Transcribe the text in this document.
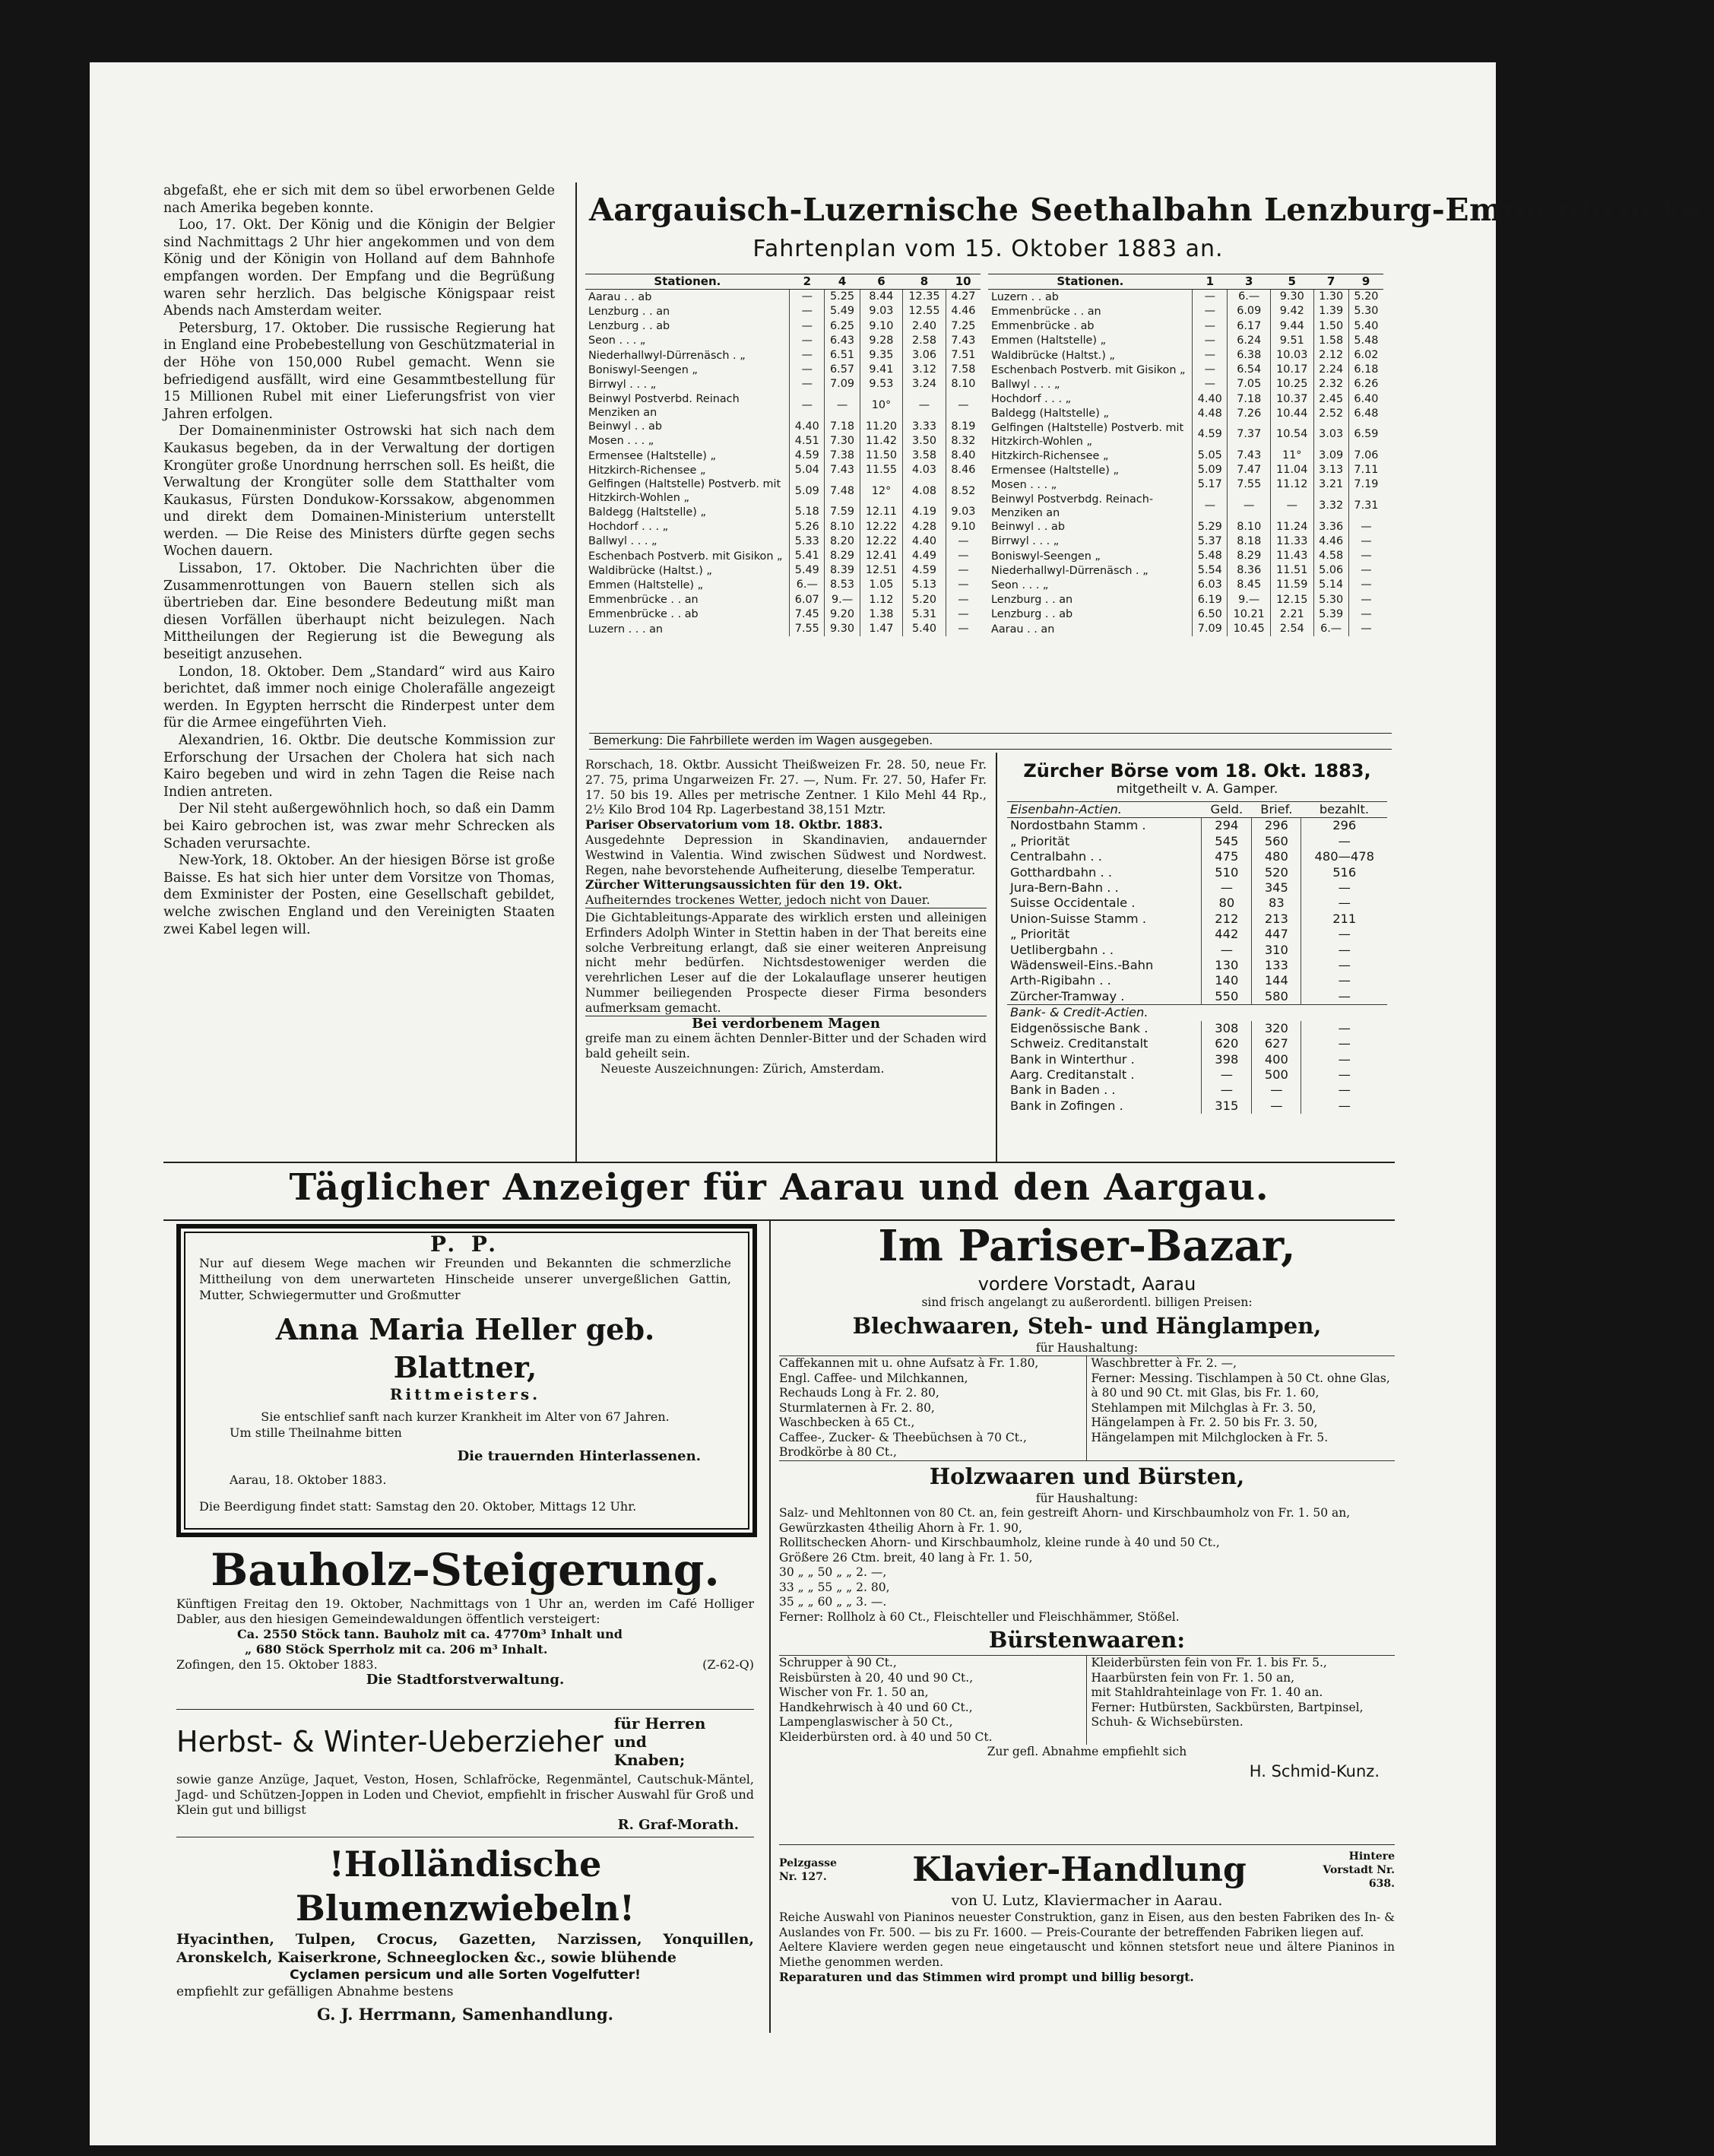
abgefaßt, ehe er sich mit dem so übel erworbenen Gelde nach Amerika begeben konnte.

Loo, 17. Okt. Der König und die Königin der Belgier sind Nachmittags 2 Uhr hier angekommen und von dem König und der Königin von Holland auf dem Bahnhofe empfangen worden. Der Empfang und die Begrüßung waren sehr herzlich. Das belgische Königspaar reist Abends nach Amsterdam weiter.

Petersburg, 17. Oktober. Die russische Regierung hat in England eine Probebestellung von Geschützmaterial in der Höhe von 150,000 Rubel gemacht. Wenn sie befriedigend ausfällt, wird eine Gesammtbestellung für 15 Millionen Rubel mit einer Lieferungsfrist von vier Jahren erfolgen.

Der Domainenminister Ostrowski hat sich nach dem Kaukasus begeben, da in der Verwaltung der dortigen Krongüter große Unordnung herrschen soll. Es heißt, die Verwaltung der Krongüter solle dem Statthalter vom Kaukasus, Fürsten Dondukow-Korssakow, abgenommen und direkt dem Domainen-Ministerium unterstellt werden. — Die Reise des Ministers dürfte gegen sechs Wochen dauern.

Lissabon, 17. Oktober. Die Nachrichten über die Zusammenrottungen von Bauern stellen sich als übertrieben dar. Eine besondere Bedeutung mißt man diesen Vorfällen überhaupt nicht beizulegen. Nach Mittheilungen der Regierung ist die Bewegung als beseitigt anzusehen.

London, 18. Oktober. Dem „Standard“ wird aus Kairo berichtet, daß immer noch einige Cholerafälle angezeigt werden. In Egypten herrscht die Rinderpest unter dem für die Armee eingeführten Vieh.

Alexandrien, 16. Oktbr. Die deutsche Kommission zur Erforschung der Ursachen der Cholera hat sich nach Kairo begeben und wird in zehn Tagen die Reise nach Indien antreten.

Der Nil steht außergewöhnlich hoch, so daß ein Damm bei Kairo gebrochen ist, was zwar mehr Schrecken als Schaden verursachte.

New-York, 18. Oktober. An der hiesigen Börse ist große Baisse. Es hat sich hier unter dem Vorsitze von Thomas, dem Exminister der Posten, eine Gesellschaft gebildet, welche zwischen England und den Vereinigten Staaten zwei Kabel legen will.

Aargauisch-Luzernische Seethalbahn Lenzburg-Emmenbrücke.
Fahrtenplan vom 15. Oktober 1883 an.
Stationen.	2	4	6	8	10
Aarau . . ab	—	5.25	8.44	12.35	4.27
Lenzburg . . an	—	5.49	9.03	12.55	4.46
Lenzburg . . ab	—	6.25	9.10	2.40	7.25
Seon . . . „	—	6.43	9.28	2.58	7.43
Niederhallwyl-Dürrenäsch . „	—	6.51	9.35	3.06	7.51
Boniswyl-Seengen „	—	6.57	9.41	3.12	7.58
Birrwyl . . . „	—	7.09	9.53	3.24	8.10
Beinwyl Postverbd. Reinach Menziken an	—	—	10°	—	—
Beinwyl . . ab	4.40	7.18	11.20	3.33	8.19
Mosen . . . „	4.51	7.30	11.42	3.50	8.32
Ermensee (Haltstelle) „	4.59	7.38	11.50	3.58	8.40
Hitzkirch-Richensee „	5.04	7.43	11.55	4.03	8.46
Gelfingen (Haltstelle) Postverb. mit Hitzkirch-Wohlen „	5.09	7.48	12°	4.08	8.52
Baldegg (Haltstelle) „	5.18	7.59	12.11	4.19	9.03
Hochdorf . . . „	5.26	8.10	12.22	4.28	9.10
Ballwyl . . . „	5.33	8.20	12.22	4.40	—
Eschenbach Postverb. mit Gisikon „	5.41	8.29	12.41	4.49	—
Waldibrücke (Haltst.) „	5.49	8.39	12.51	4.59	—
Emmen (Haltstelle) „	6.—	8.53	1.05	5.13	—
Emmenbrücke . . an	6.07	9.—	1.12	5.20	—
Emmenbrücke . . ab	7.45	9.20	1.38	5.31	—
Luzern . . . an	7.55	9.30	1.47	5.40	—
Stationen.	1	3	5	7	9
Luzern . . ab	—	6.—	9.30	1.30	5.20
Emmenbrücke . . an	—	6.09	9.42	1.39	5.30
Emmenbrücke . ab	—	6.17	9.44	1.50	5.40
Emmen (Haltstelle) „	—	6.24	9.51	1.58	5.48
Waldibrücke (Haltst.) „	—	6.38	10.03	2.12	6.02
Eschenbach Postverb. mit Gisikon „	—	6.54	10.17	2.24	6.18
Ballwyl . . . „	—	7.05	10.25	2.32	6.26
Hochdorf . . . „	4.40	7.18	10.37	2.45	6.40
Baldegg (Haltstelle) „	4.48	7.26	10.44	2.52	6.48
Gelfingen (Haltstelle) Postverb. mit Hitzkirch-Wohlen „	4.59	7.37	10.54	3.03	6.59
Hitzkirch-Richensee „	5.05	7.43	11°	3.09	7.06
Ermensee (Haltstelle) „	5.09	7.47	11.04	3.13	7.11
Mosen . . . „	5.17	7.55	11.12	3.21	7.19
Beinwyl Postverbdg. Reinach-Menziken an	—	—	—	3.32	7.31
Beinwyl . . ab	5.29	8.10	11.24	3.36	—
Birrwyl . . . „	5.37	8.18	11.33	4.46	—
Boniswyl-Seengen „	5.48	8.29	11.43	4.58	—
Niederhallwyl-Dürrenäsch . „	5.54	8.36	11.51	5.06	—
Seon . . . „	6.03	8.45	11.59	5.14	—
Lenzburg . . an	6.19	9.—	12.15	5.30	—
Lenzburg . . ab	6.50	10.21	2.21	5.39	—
Aarau . . an	7.09	10.45	2.54	6.—	—
Bemerkung: Die Fahrbillete werden im Wagen ausgegeben.
Rorschach, 18. Oktbr. Aussicht Theißweizen Fr. 28. 50, neue Fr. 27. 75, prima Ungarweizen Fr. 27. —, Num. Fr. 27. 50, Hafer Fr. 17. 50 bis 19. Alles per metrische Zentner. 1 Kilo Mehl 44 Rp., 2½ Kilo Brod 104 Rp. Lagerbestand 38,151 Mztr.
Pariser Observatorium vom 18. Oktbr. 1883.
Ausgedehnte Depression in Skandinavien, andauernder Westwind in Valentia. Wind zwischen Südwest und Nordwest. Regen, nahe bevorstehende Aufheiterung, dieselbe Temperatur.
Zürcher Witterungsaussichten für den 19. Okt.
Aufheiterndes trockenes Wetter, jedoch nicht von Dauer.
Die Gichtableitungs-Apparate des wirklich ersten und alleinigen Erfinders Adolph Winter in Stettin haben in der That bereits eine solche Verbreitung erlangt, daß sie einer weiteren Anpreisung nicht mehr bedürfen. Nichtsdestoweniger werden die verehrlichen Leser auf die der Lokalauflage unserer heutigen Nummer beiliegenden Prospecte dieser Firma besonders aufmerksam gemacht.
Bei verdorbenem Magen
greife man zu einem ächten Dennler-Bitter und der Schaden wird bald geheilt sein.
Neueste Auszeichnungen: Zürich, Amsterdam.
Zürcher Börse vom 18. Okt. 1883,
mitgetheilt v. A. Gamper.
Eisenbahn-Actien.	Geld.	Brief.	bezahlt.
Nordostbahn Stamm .	294	296	296
„ Priorität	545	560	—
Centralbahn . .	475	480	480—478
Gotthardbahn . .	510	520	516
Jura-Bern-Bahn . .	—	345	—
Suisse Occidentale .	80	83	—
Union-Suisse Stamm .	212	213	211
„ Priorität	442	447	—
Uetlibergbahn . .	—	310	—
Wädensweil-Eins.-Bahn	130	133	—
Arth-Rigibahn . .	140	144	—
Zürcher-Tramway .	550	580	—
Bank- & Credit-Actien.			
Eidgenössische Bank .	308	320	—
Schweiz. Creditanstalt	620	627	—
Bank in Winterthur .	398	400	—
Aarg. Creditanstalt .	—	500	—
Bank in Baden . .	—	—	—
Bank in Zofingen .	315	—	—
Täglicher Anzeiger für Aarau und den Aargau.
P. P.
Nur auf diesem Wege machen wir Freunden und Bekannten die schmerzliche Mittheilung von dem unerwarteten Hinscheide unserer unvergeßlichen Gattin, Mutter, Schwiegermutter und Großmutter
Anna Maria Heller geb. Blattner,
Rittmeisters.
Sie entschlief sanft nach kurzer Krankheit im Alter von 67 Jahren.
Um stille Theilnahme bitten
Die trauernden Hinterlassenen.
Aarau, 18. Oktober 1883.
Die Beerdigung findet statt: Samstag den 20. Oktober, Mittags 12 Uhr.
Bauholz-Steigerung.
Künftigen Freitag den 19. Oktober, Nachmittags von 1 Uhr an, werden im Café Holliger Dabler, aus den hiesigen Gemeindewaldungen öffentlich versteigert:
Ca. 2550 Stöck tann. Bauholz mit ca. 4770m³ Inhalt und
„ 680 Stöck Sperrholz mit ca. 206 m³ Inhalt.
Zofingen, den 15. Oktober 1883.	(Z-62-Q)
Die Stadtforstverwaltung.
Herbst- & Winter-Ueberzieher
für Herren und Knaben;
sowie ganze Anzüge, Jaquet, Veston, Hosen, Schlafröcke, Regenmäntel, Cautschuk-Mäntel, Jagd- und Schützen-Joppen in Loden und Cheviot, empfiehlt in frischer Auswahl für Groß und Klein gut und billigst
R. Graf-Morath.
!Holländische Blumenzwiebeln!
Hyacinthen, Tulpen, Crocus, Gazetten, Narzissen, Yonquillen, Aronskelch, Kaiserkrone, Schneeglocken &c., sowie blühende
Cyclamen persicum und alle Sorten Vogelfutter!
empfiehlt zur gefälligen Abnahme bestens
G. J. Herrmann, Samenhandlung.
Im Pariser-Bazar,
vordere Vorstadt, Aarau
sind frisch angelangt zu außerordentl. billigen Preisen:
Blechwaaren, Steh- und Hänglampen,
für Haushaltung:
Caffekannen mit u. ohne Aufsatz à Fr. 1.80,
Engl. Caffee- und Milchkannen,
Rechauds Long à Fr. 2. 80,
Sturmlaternen à Fr. 2. 80,
Waschbecken à 65 Ct.,
Caffee-, Zucker- & Theebüchsen à 70 Ct.,
Brodkörbe à 80 Ct.,
Waschbretter à Fr. 2. —,
Ferner: Messing. Tischlampen à 50 Ct. ohne Glas, à 80 und 90 Ct. mit Glas, bis Fr. 1. 60,
Stehlampen mit Milchglas à Fr. 3. 50,
Hängelampen à Fr. 2. 50 bis Fr. 3. 50,
Hängelampen mit Milchglocken à Fr. 5.
Holzwaaren und Bürsten,
für Haushaltung:
Salz- und Mehltonnen von 80 Ct. an, fein gestreift Ahorn- und Kirschbaumholz von Fr. 1. 50 an,
Gewürzkasten 4theilig Ahorn à Fr. 1. 90,
Rollitschecken Ahorn- und Kirschbaumholz, kleine runde à 40 und 50 Ct.,
Größere 26 Ctm. breit, 40 lang à Fr. 1. 50,
30 „ „ 50 „ „ 2. —,
33 „ „ 55 „ „ 2. 80,
35 „ „ 60 „ „ 3. —.
Ferner: Rollholz à 60 Ct., Fleischteller und Fleischhämmer, Stößel.
Bürstenwaaren:
Schrupper à 90 Ct.,
Reisbürsten à 20, 40 und 90 Ct.,
Wischer von Fr. 1. 50 an,
Handkehrwisch à 40 und 60 Ct.,
Lampenglaswischer à 50 Ct.,
Kleiderbürsten ord. à 40 und 50 Ct.
Kleiderbürsten fein von Fr. 1. bis Fr. 5.,
Haarbürsten fein von Fr. 1. 50 an,
mit Stahldrahteinlage von Fr. 1. 40 an.
Ferner: Hutbürsten, Sackbürsten, Bartpinsel, Schuh- & Wichsebürsten.
Zur gefl. Abnahme empfiehlt sich
H. Schmid-Kunz.
Pelzgasse Nr. 127.	Klavier-Handlung	Hintere Vorstadt Nr. 638.
von U. Lutz, Klaviermacher in Aarau.
Reiche Auswahl von Pianinos neuester Construktion, ganz in Eisen, aus den besten Fabriken des In- & Auslandes von Fr. 500. — bis zu Fr. 1600. — Preis-Courante der betreffenden Fabriken liegen auf.
Aeltere Klaviere werden gegen neue eingetauscht und können stetsfort neue und ältere Pianinos in Miethe genommen werden.
Reparaturen und das Stimmen wird prompt und billig besorgt.
